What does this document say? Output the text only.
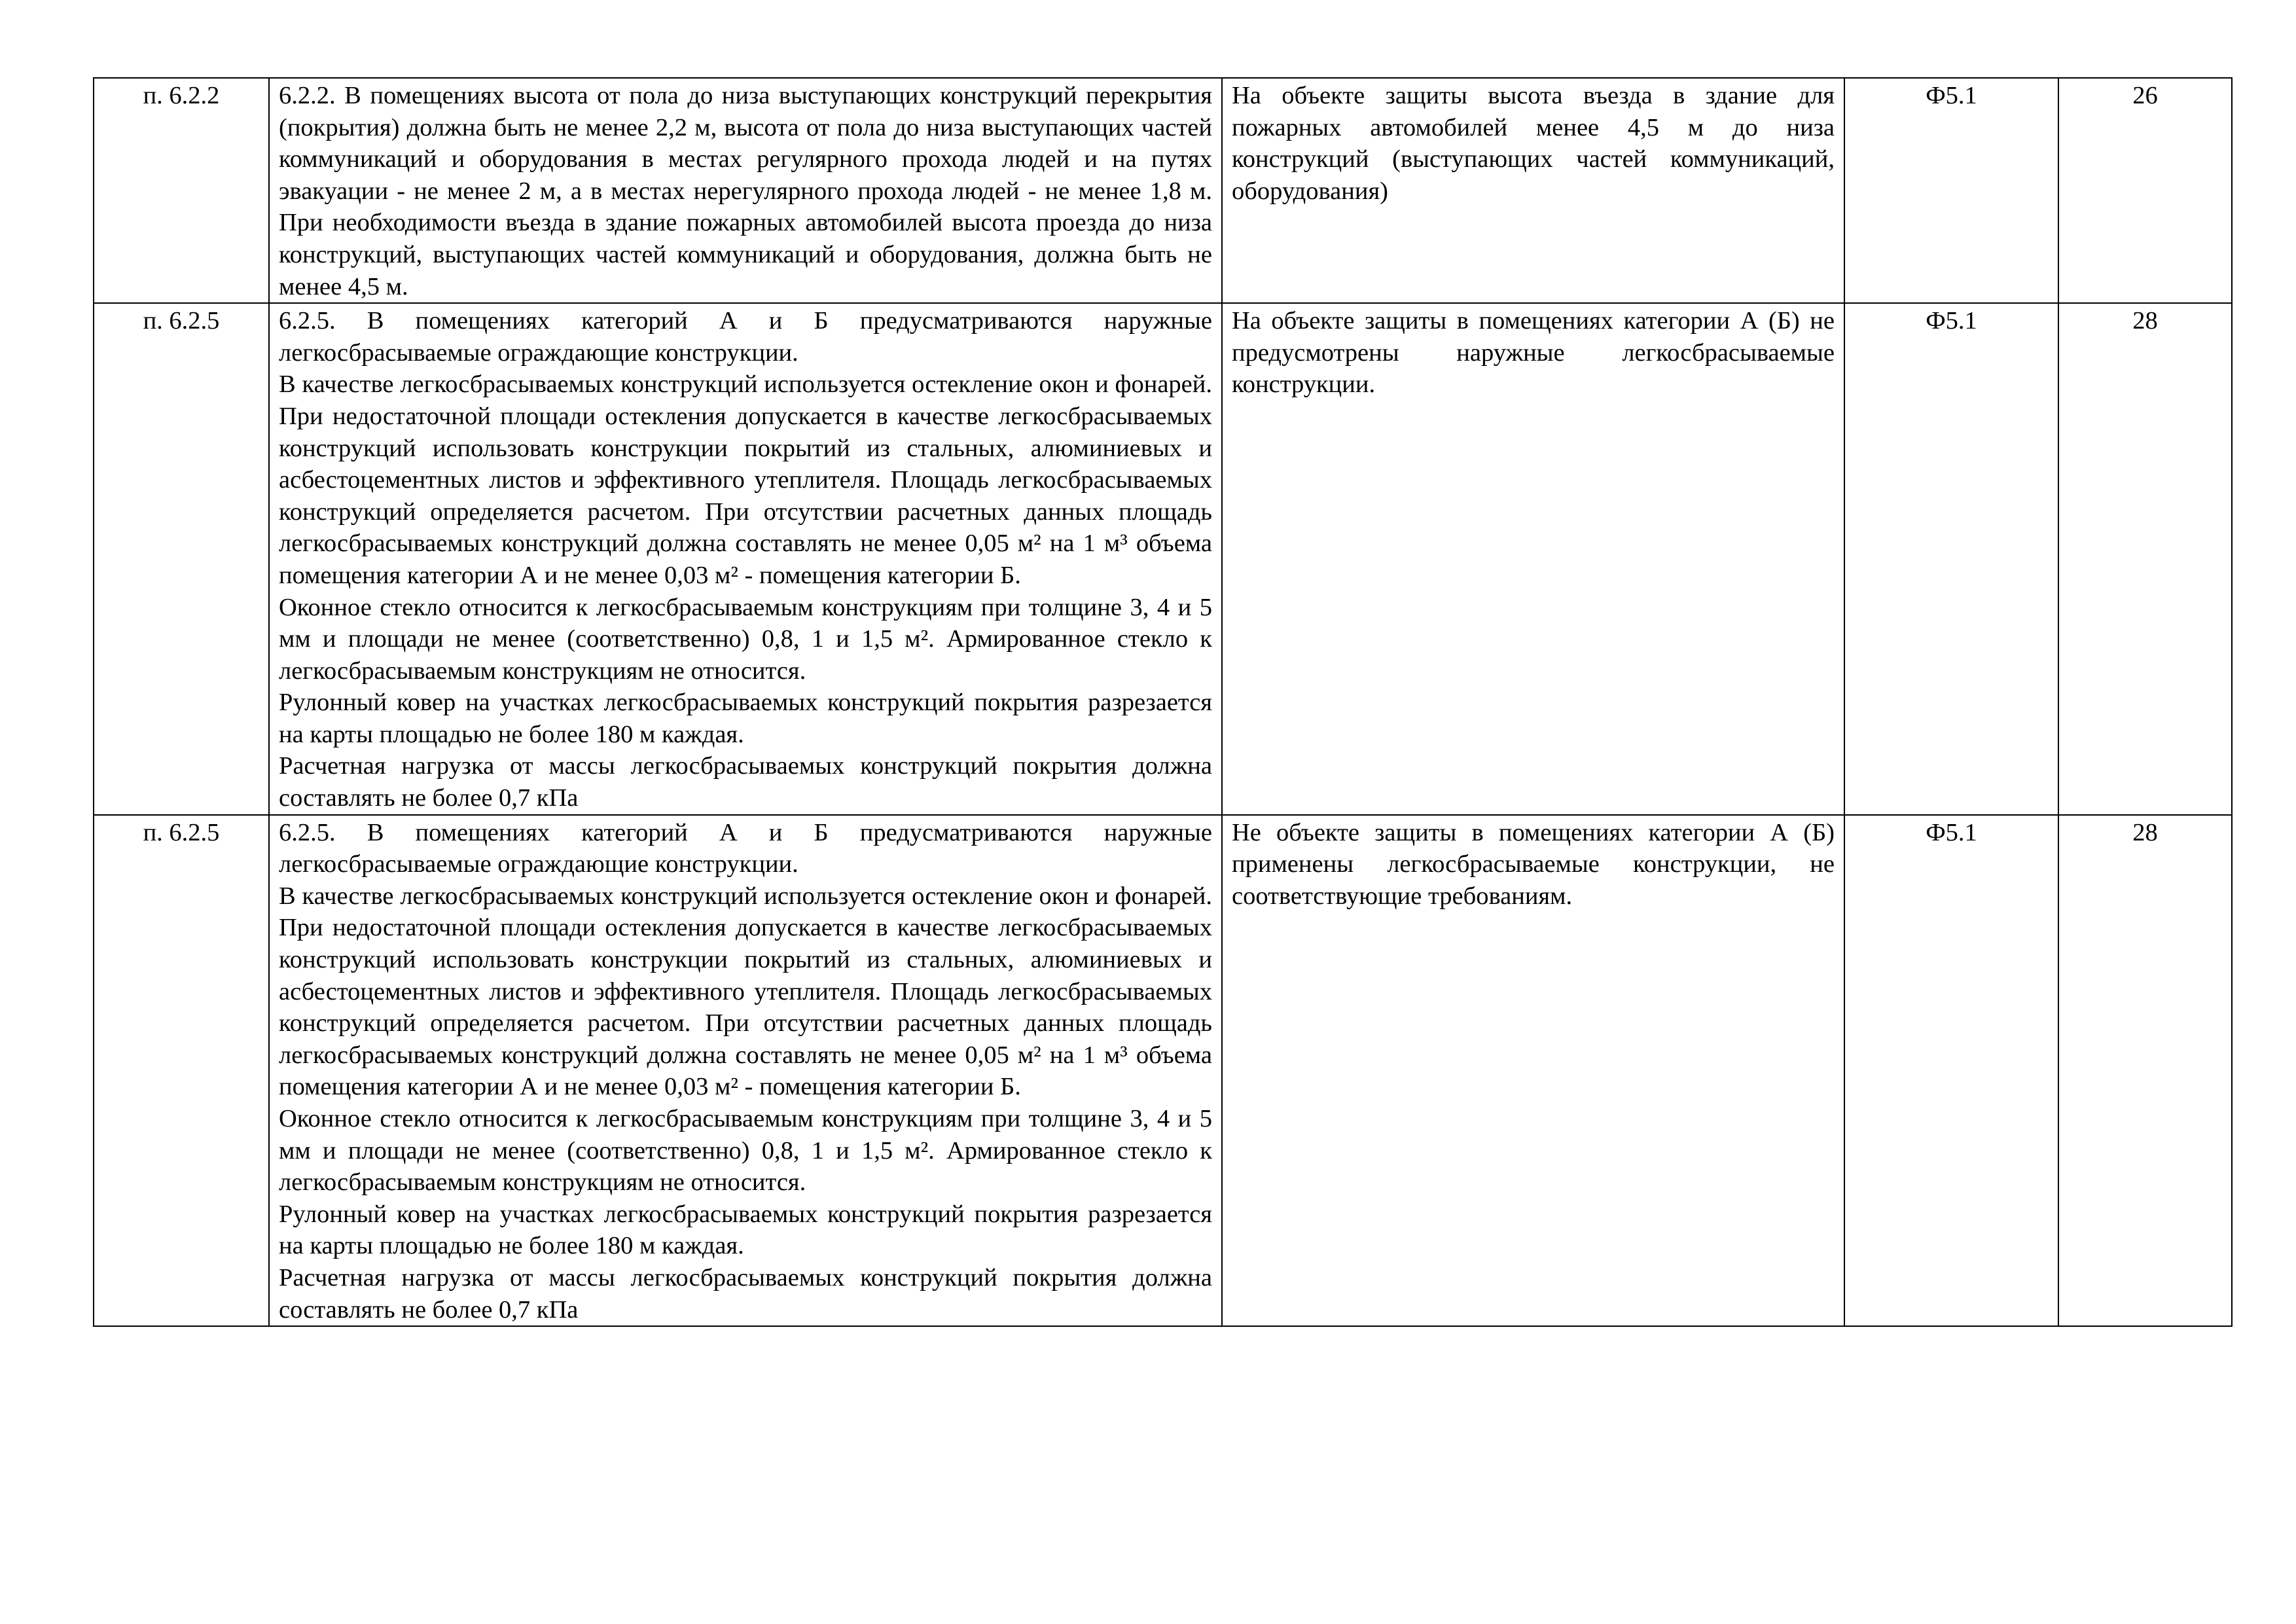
п. 6.2.2	6.2.2. В помещениях высота от пола до низа выступающих конструкций перекрытия (покрытия) должна быть не менее 2,2 м, высота от пола до низа выступающих частей коммуникаций и оборудования в местах регулярного прохода людей и на путях эвакуации - не менее 2 м, а в местах нерегулярного прохода людей - не менее 1,8 м. При необходимости въезда в здание пожарных автомобилей высота проезда до низа конструкций, выступающих частей коммуникаций и оборудования, должна быть не менее 4,5 м.	На объекте защиты высота въезда в здание для пожарных автомобилей менее 4,5 м до низа конструкций (выступающих частей коммуникаций, оборудования)	Ф5.1	26
п. 6.2.5	6.2.5. В помещениях категорий А и Б предусматриваются наружные легкосбрасываемые ограждающие конструкции.
В качестве легкосбрасываемых конструкций используется остекление окон и фонарей. При недостаточной площади остекления допускается в качестве легкосбрасываемых конструкций использовать конструкции покрытий из стальных, алюминиевых и асбестоцементных листов и эффективного утеплителя. Площадь легкосбрасываемых конструкций определяется расчетом. При отсутствии расчетных данных площадь легкосбрасываемых конструкций должна составлять не менее 0,05 м² на 1 м³ объема помещения категории А и не менее 0,03 м² - помещения категории Б.
Оконное стекло относится к легкосбрасываемым конструкциям при толщине 3, 4 и 5 мм и площади не менее (соответственно) 0,8, 1 и 1,5 м². Армированное стекло к легкосбрасываемым конструкциям не относится.
Рулонный ковер на участках легкосбрасываемых конструкций покрытия разрезается на карты площадью не более 180 м каждая.
Расчетная нагрузка от массы легкосбрасываемых конструкций покрытия должна составлять не более 0,7 кПа	На объекте защиты в помещениях категории А (Б) не предусмотрены наружные легкосбрасываемые конструкции.	Ф5.1	28
п. 6.2.5	6.2.5. В помещениях категорий А и Б предусматриваются наружные легкосбрасываемые ограждающие конструкции.
В качестве легкосбрасываемых конструкций используется остекление окон и фонарей. При недостаточной площади остекления допускается в качестве легкосбрасываемых конструкций использовать конструкции покрытий из стальных, алюминиевых и асбестоцементных листов и эффективного утеплителя. Площадь легкосбрасываемых конструкций определяется расчетом. При отсутствии расчетных данных площадь легкосбрасываемых конструкций должна составлять не менее 0,05 м² на 1 м³ объема помещения категории А и не менее 0,03 м² - помещения категории Б.
Оконное стекло относится к легкосбрасываемым конструкциям при толщине 3, 4 и 5 мм и площади не менее (соответственно) 0,8, 1 и 1,5 м². Армированное стекло к легкосбрасываемым конструкциям не относится.
Рулонный ковер на участках легкосбрасываемых конструкций покрытия разрезается на карты площадью не более 180 м каждая.
Расчетная нагрузка от массы легкосбрасываемых конструкций покрытия должна составлять не более 0,7 кПа	Не объекте защиты в помещениях категории А (Б) применены легкосбрасываемые конструкции, не соответствующие требованиям.	Ф5.1	28
